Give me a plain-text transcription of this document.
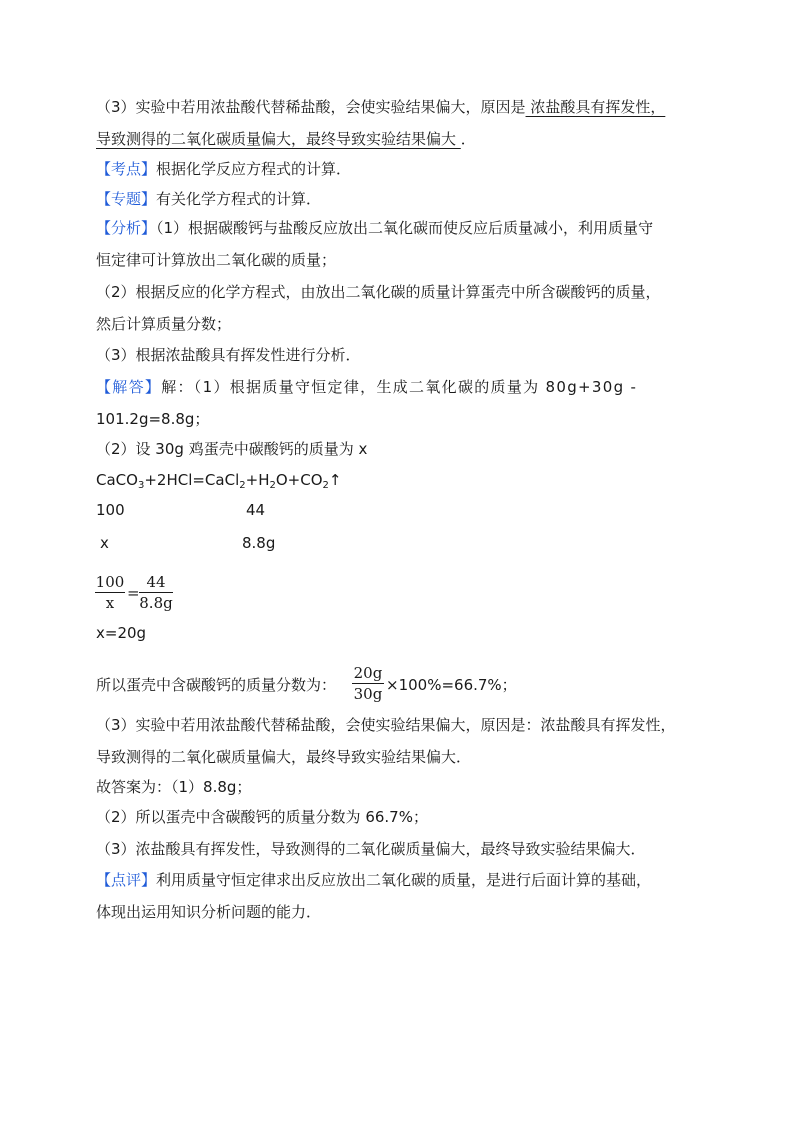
（3）实验中若用浓盐酸代替稀盐酸，会使实验结果偏大，原因是 浓盐酸具有挥发性，
导致测得的二氧化碳质量偏大，最终导致实验结果偏大 ．
【考点】根据化学反应方程式的计算．
【专题】有关化学方程式的计算．
【分析】（1）根据碳酸钙与盐酸反应放出二氧化碳而使反应后质量减小，利用质量守
恒定律可计算放出二氧化碳的质量；
（2）根据反应的化学方程式，由放出二氧化碳的质量计算蛋壳中所含碳酸钙的质量，
然后计算质量分数；
（3）根据浓盐酸具有挥发性进行分析．
【解答】解：（1）根据质量守恒定律，生成二氧化碳的质量为 80g+30g -
101.2g=8.8g；
（2）设 30g 鸡蛋壳中碳酸钙的质量为 x
$CaCO_3+2HCl=CaCl_2+H_2O+CO_2↑$
100	44
x	8.8g
100
x
=
44
8.8g
x=20g
所以蛋壳中含碳酸钙的质量分数为：
20g
30g ×100%=66.7%；
（3）实验中若用浓盐酸代替稀盐酸，会使实验结果偏大，原因是：浓盐酸具有挥发性，
导致测得的二氧化碳质量偏大，最终导致实验结果偏大．
故答案为：（1）8.8g；
（2）所以蛋壳中含碳酸钙的质量分数为 66.7%；
（3）浓盐酸具有挥发性，导致测得的二氧化碳质量偏大，最终导致实验结果偏大．
【点评】利用质量守恒定律求出反应放出二氧化碳的质量，是进行后面计算的基础，
体现出运用知识分析问题的能力．
